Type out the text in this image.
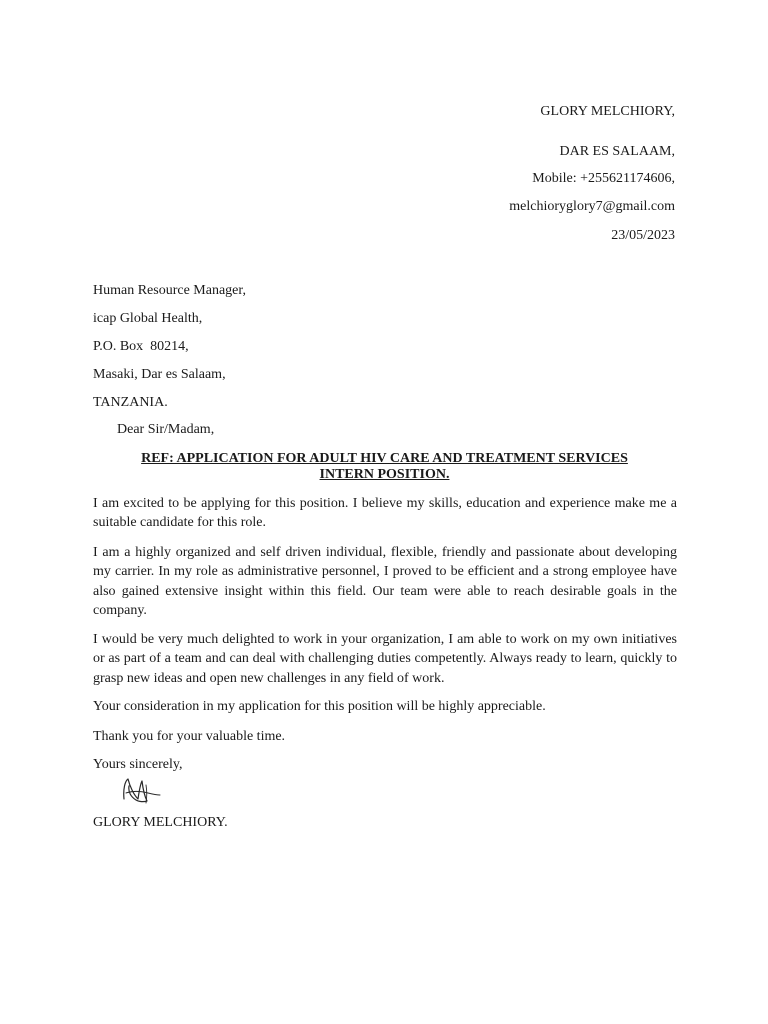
GLORY MELCHIORY,
DAR ES SALAAM,
Mobile: +255621174606,
melchioryglory7@gmail.com
23/05/2023
Human Resource Manager,
icap Global Health,
P.O. Box  80214,
Masaki, Dar es Salaam,
TANZANIA.
Dear Sir/Madam,
REF: APPLICATION FOR ADULT HIV CARE AND TREATMENT SERVICES
INTERN POSITION.

I am excited to be applying for this position. I believe my skills, education and experience make me a suitable candidate for this role.

I am a highly organized and self driven individual, flexible, friendly and passionate about developing my carrier. In my role as administrative personnel, I proved to be efficient and a strong employee have also gained extensive insight within this field. Our team were able to reach desirable goals in the company.

I would be very much delighted to work in your organization, I am able to work on my own initiatives or as part of a team and can deal with challenging duties competently. Always ready to learn, quickly to grasp new ideas and open new challenges in any field of work.

Your consideration in my application for this position will be highly appreciable.

Thank you for your valuable time.
Yours sincerely,
GLORY MELCHIORY.
